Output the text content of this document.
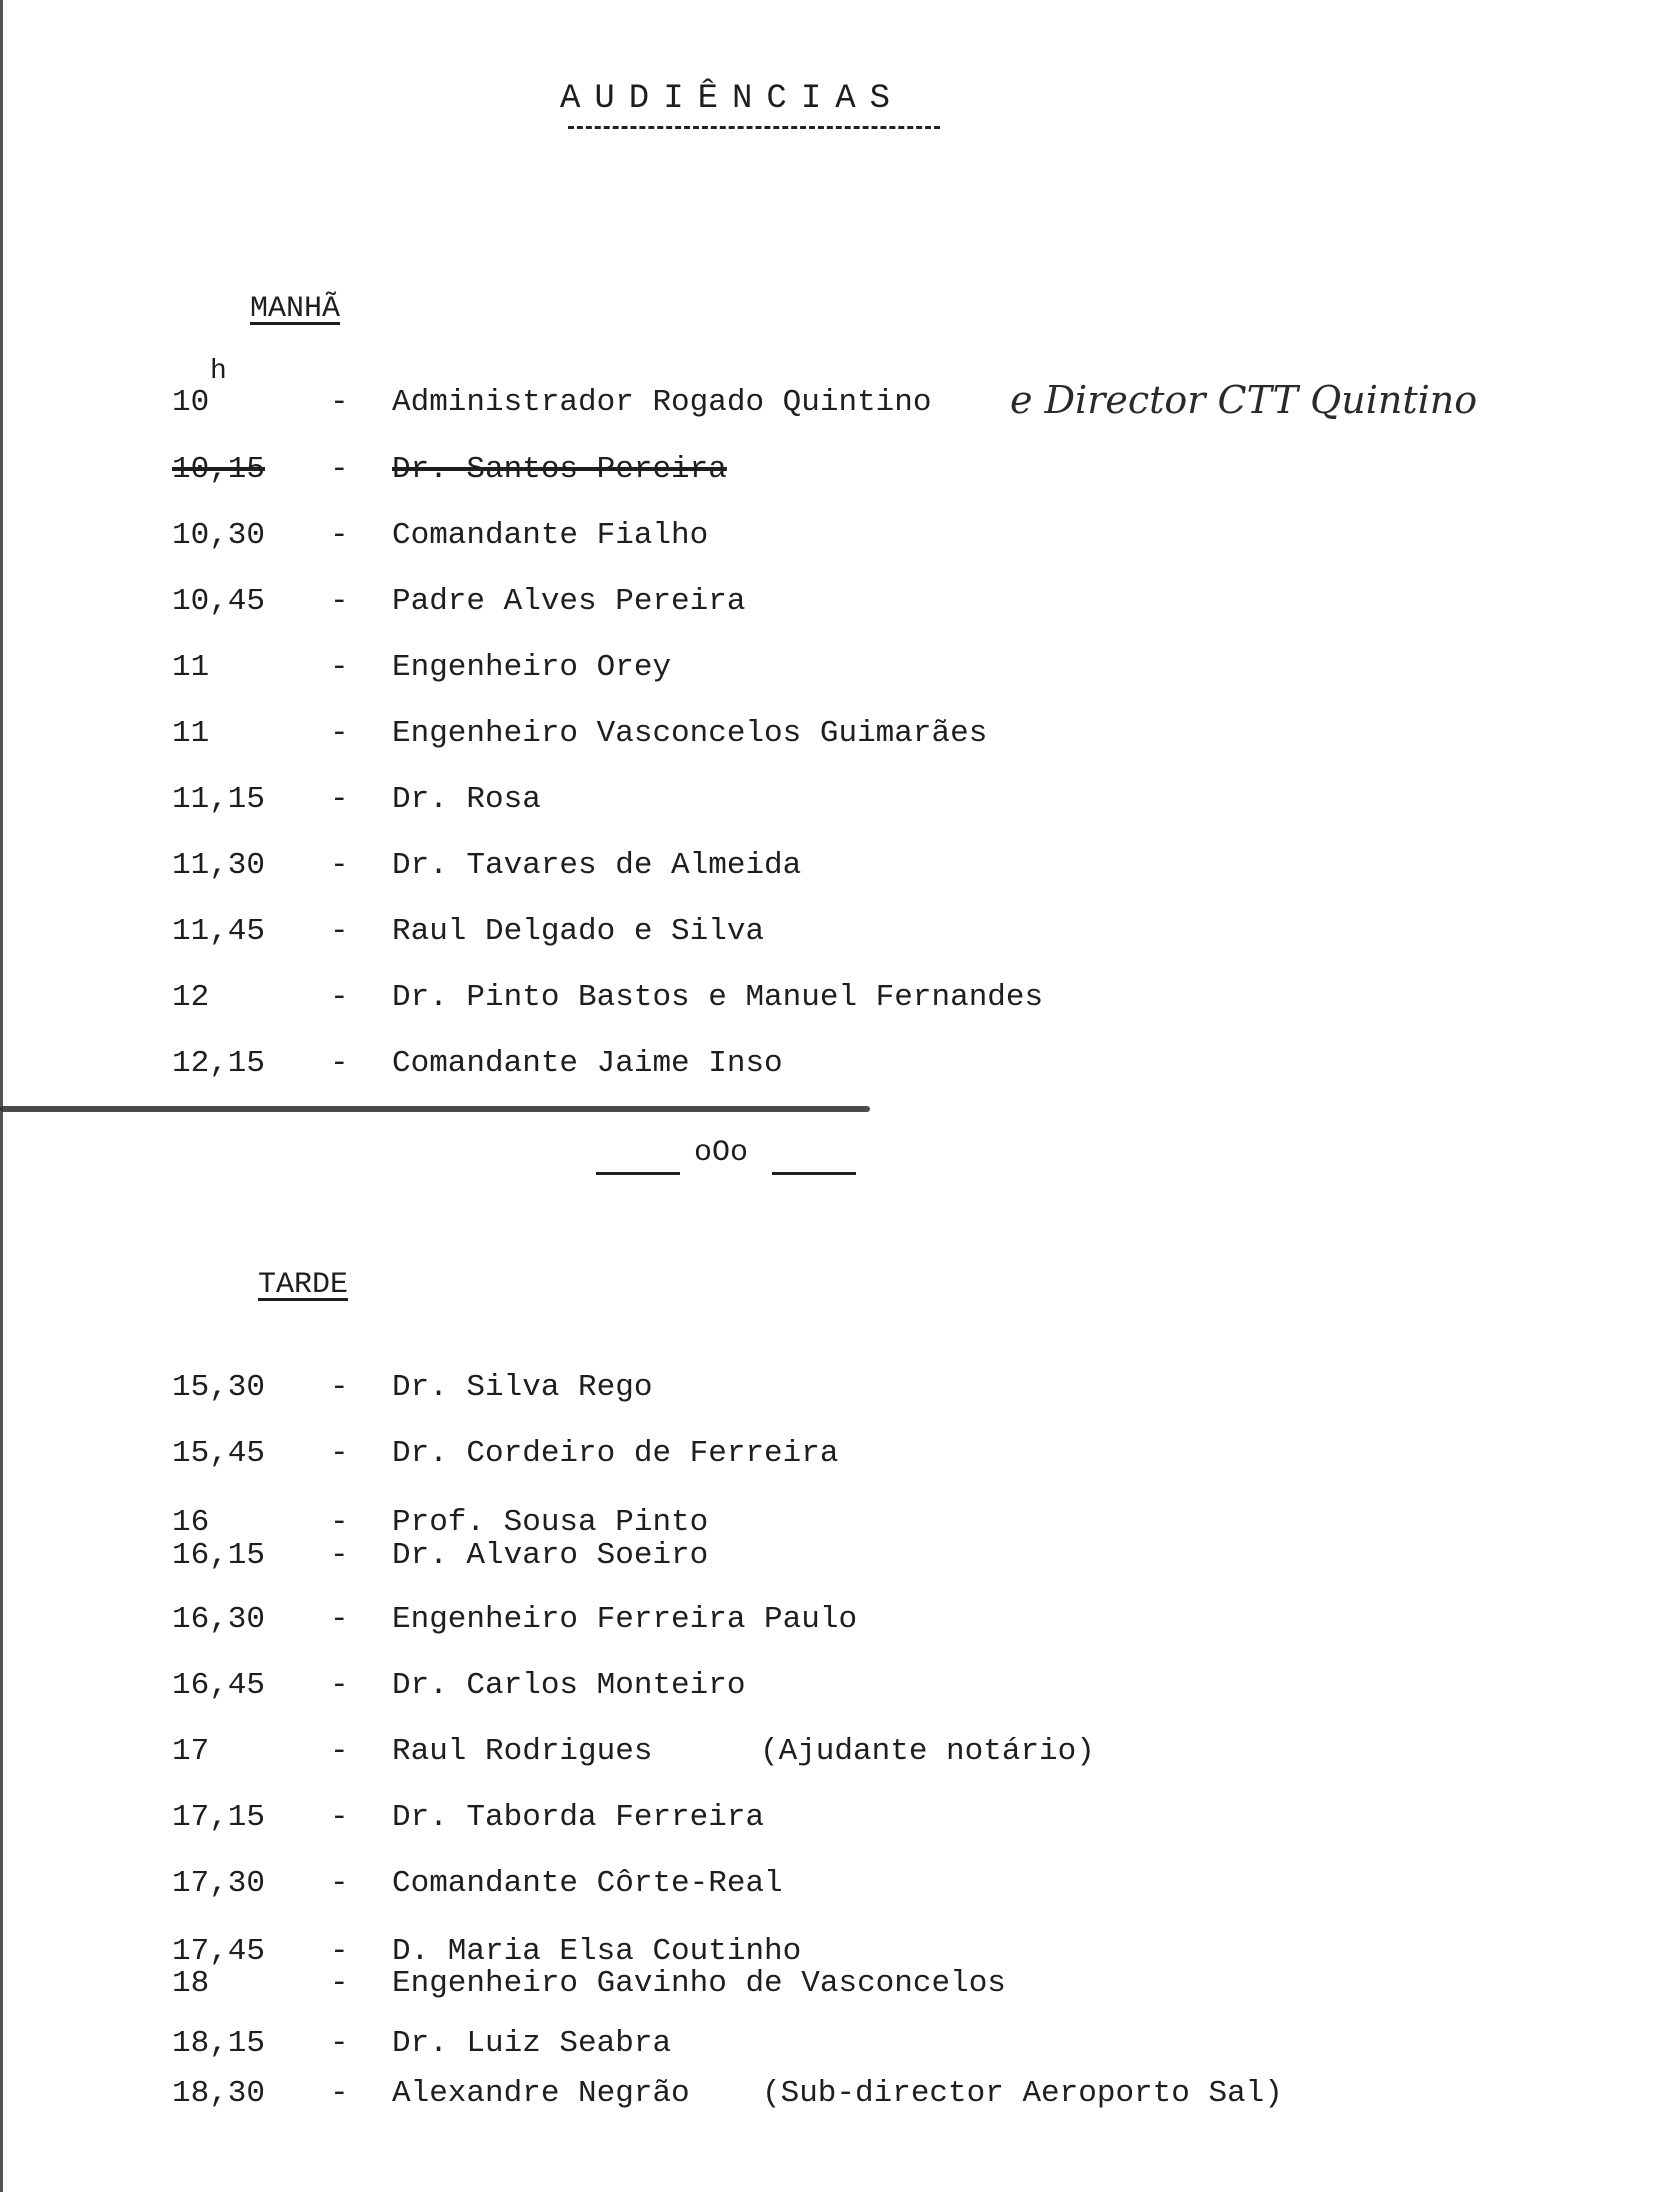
AUDIÊNCIAS
MANHÃ
h
e Director CTT Quintino
10	- Administrador Rogado Quintino
10,15 - Dr. Santos Pereira
10,30 - Comandante Fialho
10,45 - Padre Alves Pereira
11	- Engenheiro Orey
11	- Engenheiro Vasconcelos Guimarães
11,15 - Dr. Rosa
11,30 - Dr. Tavares de Almeida
11,45 - Raul Delgado e Silva
12	- Dr. Pinto Bastos e Manuel Fernandes
12,15 - Comandante Jaime Inso
oOo
TARDE
15,30 - Dr. Silva Rego
15,45 - Dr. Cordeiro de Ferreira
16	- Prof. Sousa Pinto
16,15 - Dr. Alvaro Soeiro
16,30 - Engenheiro Ferreira Paulo
16,45 - Dr. Carlos Monteiro
17	- Raul Rodrigues	(Ajudante notário)
17,15 - Dr. Taborda Ferreira
17,30 - Comandante Côrte-Real
17,45 - D. Maria Elsa Coutinho
18	- Engenheiro Gavinho de Vasconcelos
18,15 - Dr. Luiz Seabra
18,30 - Alexandre Negrão (Sub-director Aeroporto Sal)
